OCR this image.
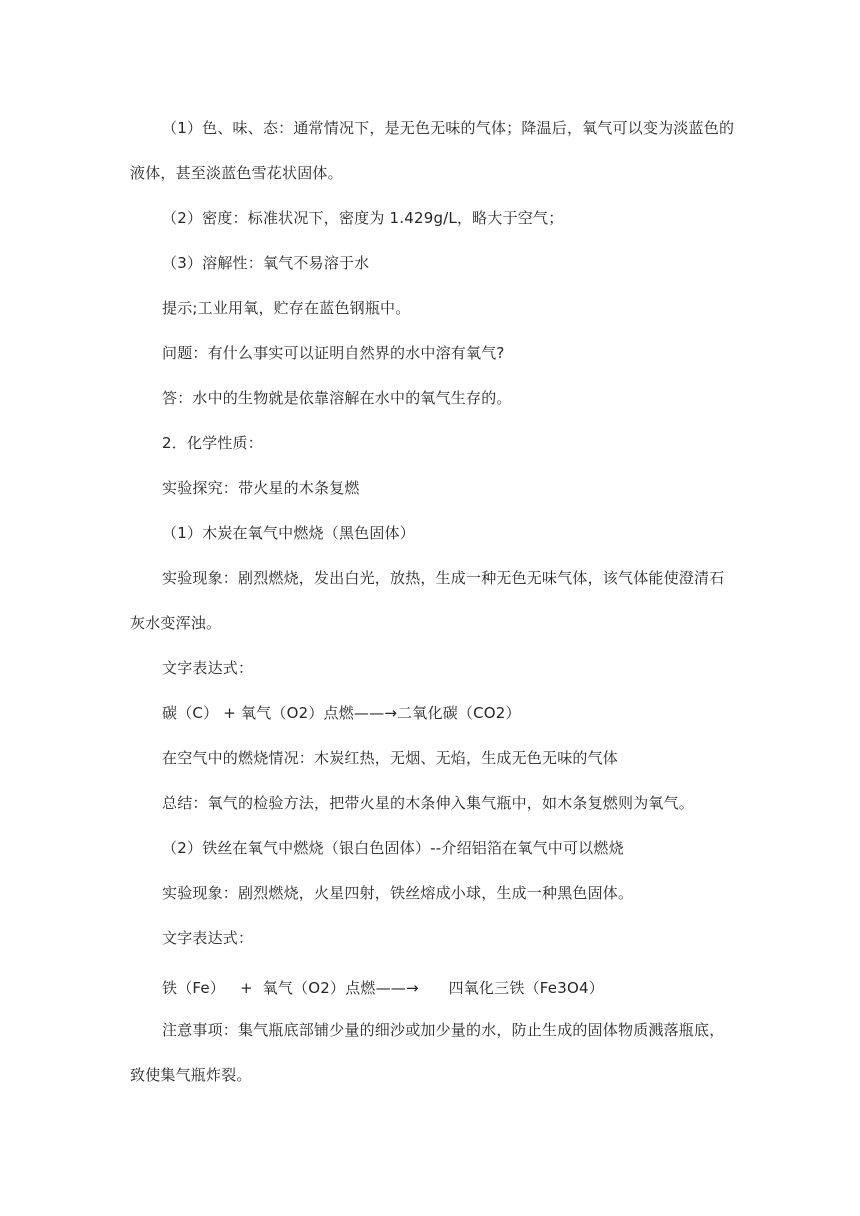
（1）色、味、态：通常情况下，是无色无味的气体；降温后，氧气可以变为淡蓝色的
液体，甚至淡蓝色雪花状固体。
（2）密度：标准状况下，密度为 1.429g/L，略大于空气；
（3）溶解性：氧气不易溶于水
提示;工业用氧，贮存在蓝色钢瓶中。
问题：有什么事实可以证明自然界的水中溶有氧气?
答：水中的生物就是依靠溶解在水中的氧气生存的。
2．化学性质：
实验探究：带火星的木条复燃
（1）木炭在氧气中燃烧（黑色固体）
实验现象：剧烈燃烧，发出白光，放热，生成一种无色无味气体，该气体能使澄清石
灰水变浑浊。
文字表达式：
碳（C） + 氧气（O2）点燃——→二氧化碳（CO2）
在空气中的燃烧情况：木炭红热，无烟、无焰，生成无色无味的气体
总结：氧气的检验方法，把带火星的木条伸入集气瓶中，如木条复燃则为氧气。
（2）铁丝在氧气中燃烧（银白色固体）--介绍铝箔在氧气中可以燃烧
实验现象：剧烈燃烧，火星四射，铁丝熔成小球，生成一种黑色固体。
文字表达式：
铁（Fe）   +  氧气（O2）点燃——→      四氧化三铁（Fe3O4）
注意事项：集气瓶底部铺少量的细沙或加少量的水，防止生成的固体物质溅落瓶底，
致使集气瓶炸裂。
